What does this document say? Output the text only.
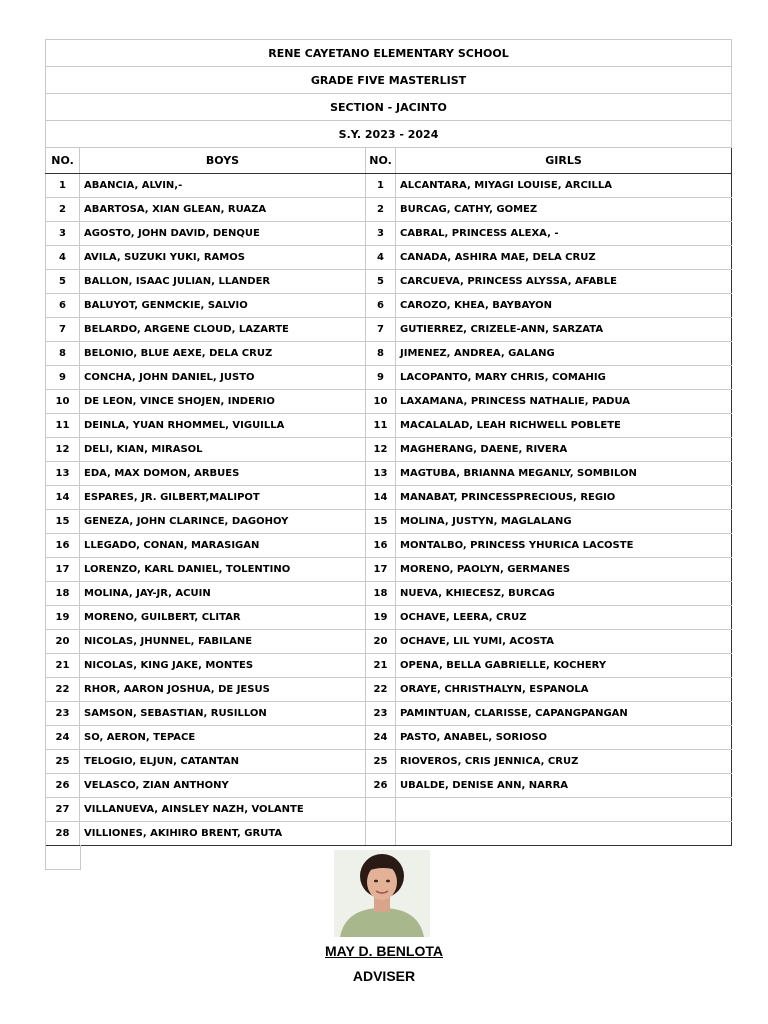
RENE CAYETANO ELEMENTARY SCHOOL			
GRADE FIVE MASTERLIST			
SECTION - JACINTO			
S.Y. 2023 - 2024			
NO.	BOYS	NO.	GIRLS
1	ABANCIA, ALVIN,-	1	ALCANTARA, MIYAGI LOUISE, ARCILLA
2	ABARTOSA, XIAN GLEAN, RUAZA	2	BURCAG, CATHY, GOMEZ
3	AGOSTO, JOHN DAVID, DENQUE	3	CABRAL, PRINCESS ALEXA, -
4	AVILA, SUZUKI YUKI, RAMOS	4	CANADA, ASHIRA MAE, DELA CRUZ
5	BALLON, ISAAC JULIAN, LLANDER	5	CARCUEVA, PRINCESS ALYSSA, AFABLE
6	BALUYOT, GENMCKIE, SALVIO	6	CAROZO, KHEA, BAYBAYON
7	BELARDO, ARGENE CLOUD, LAZARTE	7	GUTIERREZ, CRIZELE-ANN, SARZATA
8	BELONIO, BLUE AEXE, DELA CRUZ	8	JIMENEZ, ANDREA, GALANG
9	CONCHA, JOHN DANIEL, JUSTO	9	LACOPANTO, MARY CHRIS, COMAHIG
10	DE LEON, VINCE SHOJEN, INDERIO	10	LAXAMANA, PRINCESS NATHALIE, PADUA
11	DEINLA, YUAN RHOMMEL, VIGUILLA	11	MACALALAD, LEAH RICHWELL POBLETE
12	DELI, KIAN, MIRASOL	12	MAGHERANG, DAENE, RIVERA
13	EDA, MAX DOMON, ARBUES	13	MAGTUBA, BRIANNA MEGANLY, SOMBILON
14	ESPARES, JR. GILBERT,MALIPOT	14	MANABAT, PRINCESSPRECIOUS, REGIO
15	GENEZA, JOHN CLARINCE, DAGOHOY	15	MOLINA, JUSTYN, MAGLALANG
16	LLEGADO, CONAN, MARASIGAN	16	MONTALBO, PRINCESS YHURICA LACOSTE
17	LORENZO, KARL DANIEL, TOLENTINO	17	MORENO, PAOLYN, GERMANES
18	MOLINA, JAY-JR, ACUIN	18	NUEVA, KHIECESZ, BURCAG
19	MORENO, GUILBERT, CLITAR	19	OCHAVE, LEERA, CRUZ
20	NICOLAS, JHUNNEL, FABILANE	20	OCHAVE, LIL YUMI, ACOSTA
21	NICOLAS, KING JAKE, MONTES	21	OPENA, BELLA GABRIELLE, KOCHERY
22	RHOR, AARON JOSHUA, DE JESUS	22	ORAYE, CHRISTHALYN, ESPANOLA
23	SAMSON, SEBASTIAN, RUSILLON	23	PAMINTUAN, CLARISSE, CAPANGPANGAN
24	SO, AERON, TEPACE	24	PASTO, ANABEL, SORIOSO
25	TELOGIO, ELJUN, CATANTAN	25	RIOVEROS, CRIS JENNICA, CRUZ
26	VELASCO, ZIAN ANTHONY	26	UBALDE, DENISE ANN, NARRA
27	VILLANUEVA, AINSLEY NAZH, VOLANTE		
28	VILLIONES, AKIHIRO BRENT, GRUTA		
MAY D. BENLOTA
ADVISER
